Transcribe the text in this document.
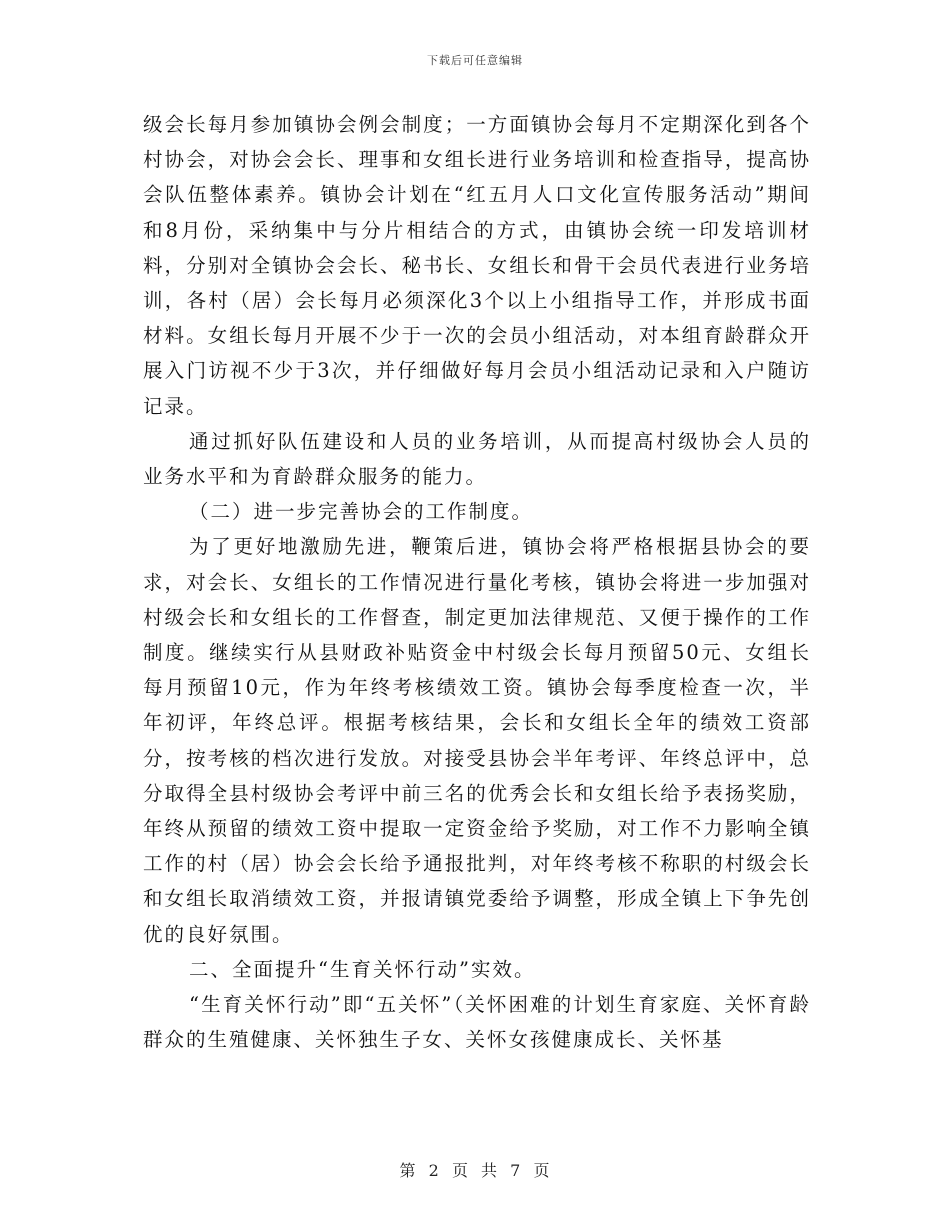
下载后可任意编辑

级会长每月参加镇协会例会制度；一方面镇协会每月不定期深化到各个村协会，对协会会长、理事和女组长进行业务培训和检查指导，提高协会队伍整体素养。镇协会计划在“红五月人口文化宣传服务活动”期间和8月份，采纳集中与分片相结合的方式，由镇协会统一印发培训材料，分别对全镇协会会长、秘书长、女组长和骨干会员代表进行业务培训，各村（居）会长每月必须深化3个以上小组指导工作，并形成书面材料。女组长每月开展不少于一次的会员小组活动，对本组育龄群众开展入门访视不少于3次，并仔细做好每月会员小组活动记录和入户随访记录。

通过抓好队伍建设和人员的业务培训，从而提高村级协会人员的业务水平和为育龄群众服务的能力。

（二）进一步完善协会的工作制度。

为了更好地激励先进，鞭策后进，镇协会将严格根据县协会的要求，对会长、女组长的工作情况进行量化考核，镇协会将进一步加强对村级会长和女组长的工作督查，制定更加法律规范、又便于操作的工作制度。继续实行从县财政补贴资金中村级会长每月预留50元、女组长每月预留10元，作为年终考核绩效工资。镇协会每季度检查一次，半年初评，年终总评。根据考核结果，会长和女组长全年的绩效工资部分，按考核的档次进行发放。对接受县协会半年考评、年终总评中，总分取得全县村级协会考评中前三名的优秀会长和女组长给予表扬奖励，年终从预留的绩效工资中提取一定资金给予奖励，对工作不力影响全镇工作的村（居）协会会长给予通报批判，对年终考核不称职的村级会长和女组长取消绩效工资，并报请镇党委给予调整，形成全镇上下争先创优的良好氛围。

二、全面提升“生育关怀行动”实效。

“生育关怀行动”即“五关怀”（关怀困难的计划生育家庭、关怀育龄群众的生殖健康、关怀独生子女、关怀女孩健康成长、关怀基

第 2 页 共 7 页
